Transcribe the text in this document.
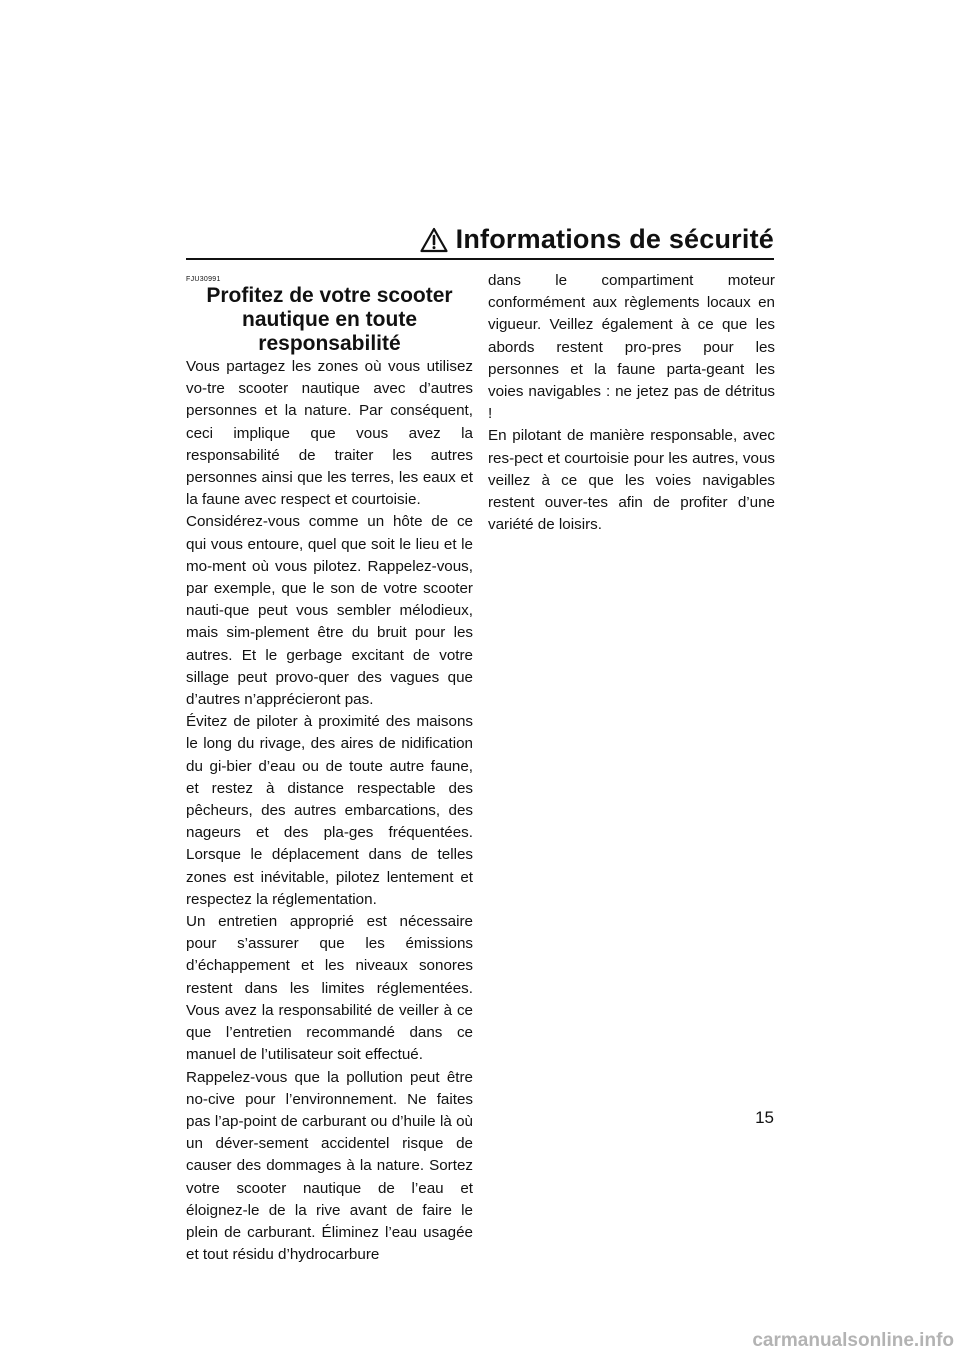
Informations de sécurité

FJU30991

Profitez de votre scooter nautique en toute responsabilité

Vous partagez les zones où vous utilisez vo-tre scooter nautique avec d’autres personnes et la nature. Par conséquent, ceci implique que vous avez la responsabilité de traiter les autres personnes ainsi que les terres, les eaux et la faune avec respect et courtoisie.

Considérez-vous comme un hôte de ce qui vous entoure, quel que soit le lieu et le mo-ment où vous pilotez. Rappelez-vous, par exemple, que le son de votre scooter nauti-que peut vous sembler mélodieux, mais sim-plement être du bruit pour les autres. Et le gerbage excitant de votre sillage peut provo-quer des vagues que d’autres n’apprécieront pas.

Évitez de piloter à proximité des maisons le long du rivage, des aires de nidification du gi-bier d’eau ou de toute autre faune, et restez à distance respectable des pêcheurs, des autres embarcations, des nageurs et des pla-ges fréquentées. Lorsque le déplacement dans de telles zones est inévitable, pilotez lentement et respectez la réglementation.

Un entretien approprié est nécessaire pour s’assurer que les émissions d’échappement et les niveaux sonores restent dans les limites réglementées. Vous avez la responsabilité de veiller à ce que l’entretien recommandé dans ce manuel de l’utilisateur soit effectué.

Rappelez-vous que la pollution peut être no-cive pour l’environnement. Ne faites pas l’ap-point de carburant ou d’huile là où un déver-sement accidentel risque de causer des dommages à la nature. Sortez votre scooter nautique de l’eau et éloignez-le de la rive avant de faire le plein de carburant. Éliminez l’eau usagée et tout résidu d’hydrocarbure

dans le compartiment moteur conformément aux règlements locaux en vigueur. Veillez également à ce que les abords restent pro-pres pour les personnes et la faune parta-geant les voies navigables : ne jetez pas de détritus !

En pilotant de manière responsable, avec res-pect et courtoisie pour les autres, vous veillez à ce que les voies navigables restent ouver-tes afin de profiter d’une variété de loisirs.

15
carmanualsonline.info
